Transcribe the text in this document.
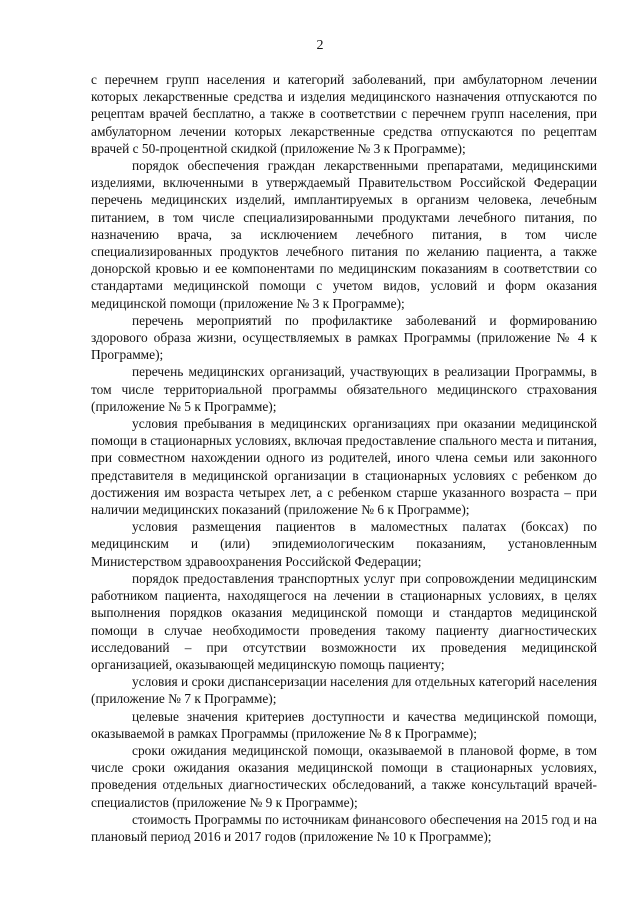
2

с перечнем групп населения и категорий заболеваний, при амбулаторном лечении которых лекарственные средства и изделия медицинского назначения отпускаются по рецептам врачей бесплатно, а также в соответствии с перечнем групп населения, при амбулаторном лечении которых лекарственные средства отпускаются по рецептам врачей с 50-процентной скидкой (приложение № 3 к Программе);

порядок обеспечения граждан лекарственными препаратами, медицинскими изделиями, включенными в утверждаемый Правительством Российской Федерации перечень медицинских изделий, имплантируемых в организм человека, лечебным питанием, в том числе специализированными продуктами лечебного питания, по назначению врача, за исключением лечебного питания, в том числе специализированных продуктов лечебного питания по желанию пациента, а также донорской кровью и ее компонентами по медицинским показаниям в соответствии со стандартами медицинской помощи с учетом видов, условий и форм оказания медицинской помощи (приложение № 3 к Программе);

перечень мероприятий по профилактике заболеваний и формированию здорового образа жизни, осуществляемых в рамках Программы (приложение № 4 к Программе);

перечень медицинских организаций, участвующих в реализации Программы, в том числе территориальной программы обязательного медицинского страхования (приложение № 5 к Программе);

условия пребывания в медицинских организациях при оказании медицинской помощи в стационарных условиях, включая предоставление спального места и питания, при совместном нахождении одного из родителей, иного члена семьи или законного представителя в медицинской организации в стационарных условиях с ребенком до достижения им возраста четырех лет, а с ребенком старше указанного возраста – при наличии медицинских показаний (приложение № 6 к Программе);

условия размещения пациентов в маломестных палатах (боксах) по медицинским и (или) эпидемиологическим показаниям, установленным Министерством здравоохранения Российской Федерации;

порядок предоставления транспортных услуг при сопровождении медицинским работником пациента, находящегося на лечении в стационарных условиях, в целях выполнения порядков оказания медицинской помощи и стандартов медицинской помощи в случае необходимости проведения такому пациенту диагностических исследований – при отсутствии возможности их проведения медицинской организацией, оказывающей медицинскую помощь пациенту;

условия и сроки диспансеризации населения для отдельных категорий населения (приложение № 7 к Программе);

целевые значения критериев доступности и качества медицинской помощи, оказываемой в рамках Программы (приложение № 8 к Программе);

сроки ожидания медицинской помощи, оказываемой в плановой форме, в том числе сроки ожидания оказания медицинской помощи в стационарных условиях, проведения отдельных диагностических обследований, а также консультаций врачей-специалистов (приложение № 9 к Программе);

стоимость Программы по источникам финансового обеспечения на 2015 год и на плановый период 2016 и 2017 годов (приложение № 10 к Программе);
